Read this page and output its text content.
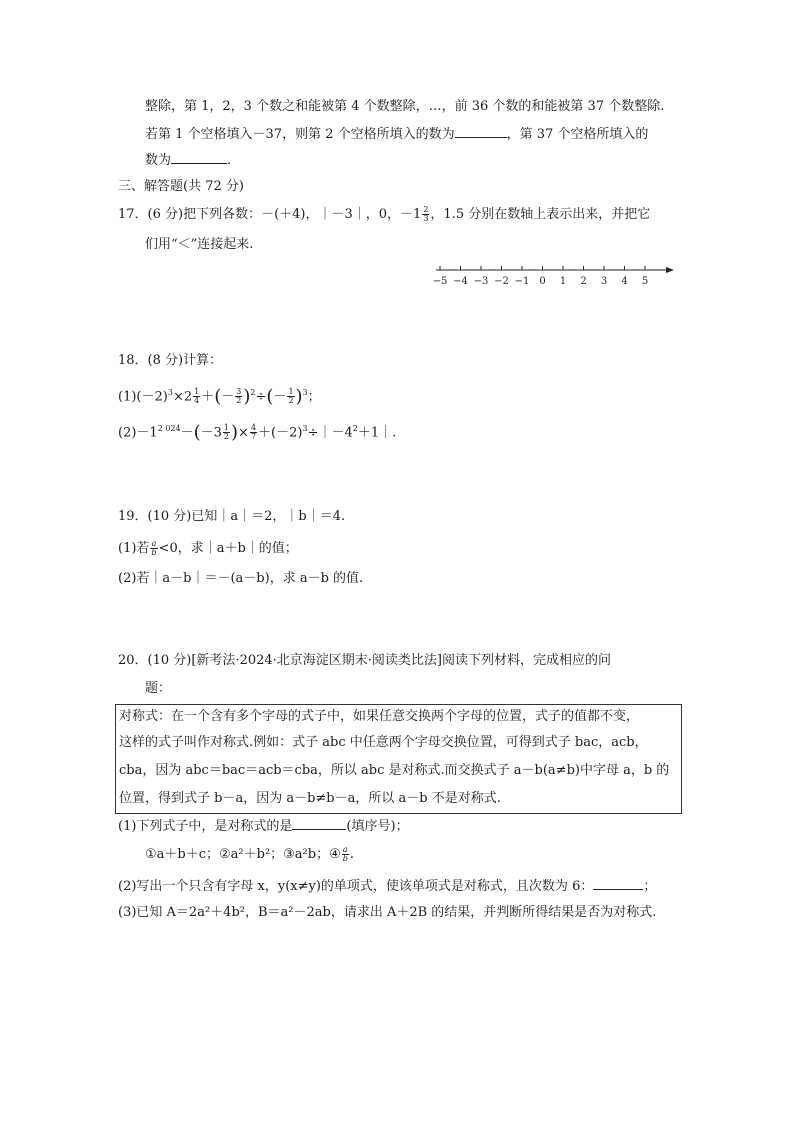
整除，第 1，2，3 个数之和能被第 4 个数整除，…，前 36 个数的和能被第 37 个数整除.
若第 1 个空格填入－37，则第 2 个空格所填入的数为	，第 37 个空格所填入的
数为	.
三、解答题(共 72 分)
17．(6 分)把下列各数：－(＋4)，｜－3｜，0，$-1 \frac{2}{3}$ ，1.5 分别在数轴上表示出来，并把它
们用“＜”连接起来.
−5 −4 −3 −2 −1 0 1 2 3 4 5
18．(8 分)计算：
$(1)(-2)^3\times 2 \frac{1}{4}$ ＋(－ $\frac{3}{2} )^2\div(- \frac{1}{2} )^3$；
$(2)-1^{2 024}-(-3 \frac{1}{2}$ )× $\frac{4}{7}$ $+(-2)^3\div|-4^2+1|$.
19．(10 分)已知｜a｜＝2，｜b｜＝4.
(1)若 $\frac{a}{b} <0$，求｜a＋b｜的值；
(2)若｜a－b｜＝－(a－b)，求 a－b 的值.
20．(10 分)[新考法·2024·北京海淀区期末·阅读类比法]阅读下列材料，完成相应的问
题：
对称式：在一个含有多个字母的式子中，如果任意交换两个字母的位置，式子的值都不变，
这样的式子叫作对称式.例如：式子 abc 中任意两个字母交换位置，可得到式子 bac，acb，
cba，因为 abc＝bac＝acb＝cba，所以 abc 是对称式.而交换式子 a－b(a≠b)中字母 a，b 的
位置，得到式子 b－a，因为 a－b≠b－a，所以 a－b 不是对称式.
(1)下列式子中，是对称式的是	(填序号)；
①a＋b＋c；②a²＋b²；③a²b；④ $\frac{a}{b}$ .
(2)写出一个只含有字母 x，y(x≠y)的单项式，使该单项式是对称式，且次数为 6：	；
(3)已知 A＝2a²＋4b²，B＝a²－2ab，请求出 A＋2B 的结果，并判断所得结果是否为对称式.
